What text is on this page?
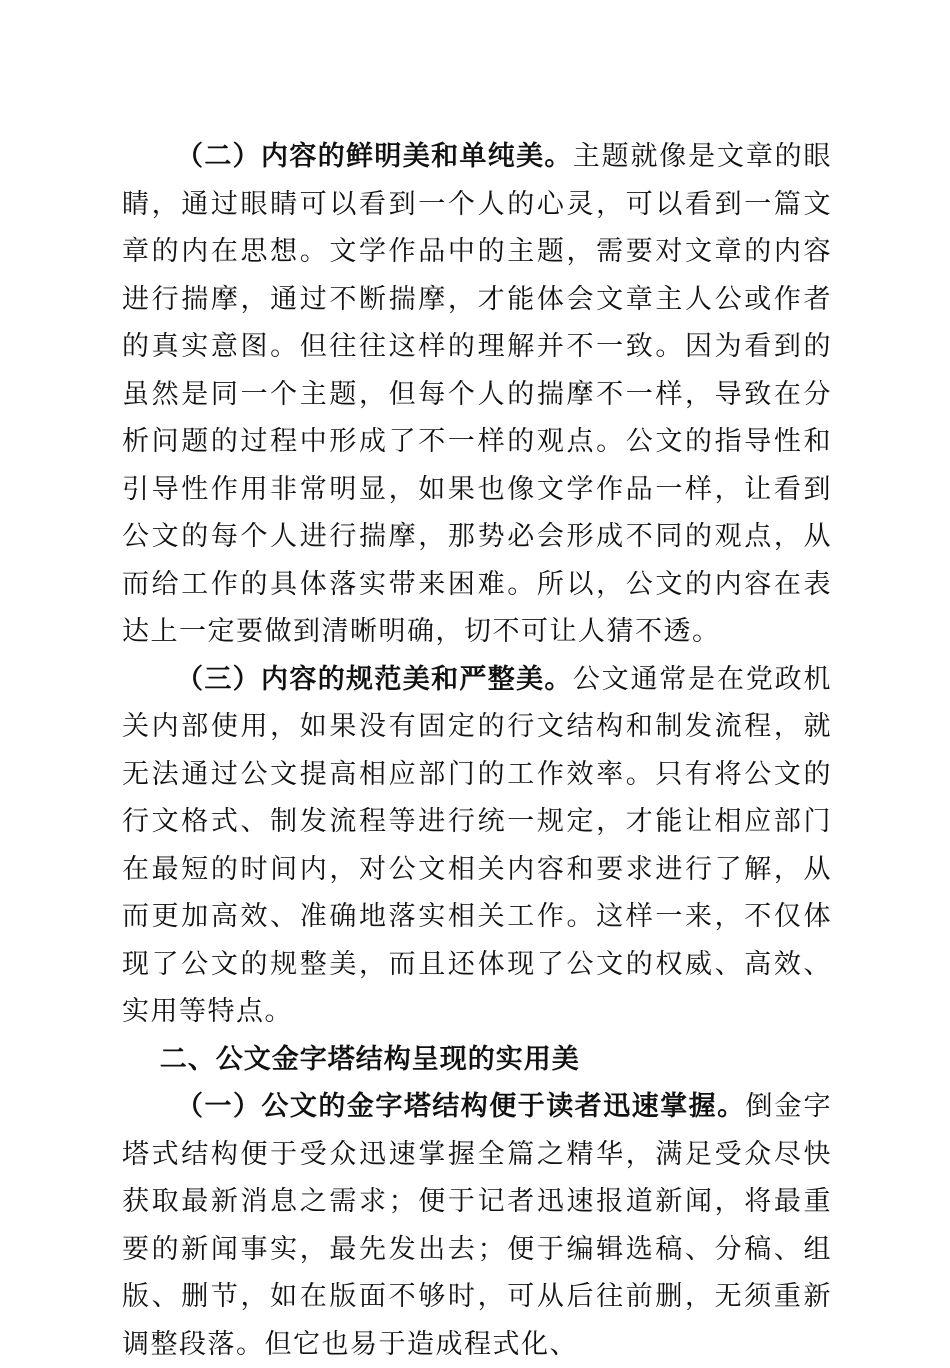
（二）内容的鲜明美和单纯美。主题就像是文章的眼睛，通过眼睛可以看到一个人的心灵，可以看到一篇文章的内在思想。文学作品中的主题，需要对文章的内容进行揣摩，通过不断揣摩，才能体会文章主人公或作者的真实意图。但往往这样的理解并不一致。因为看到的虽然是同一个主题，但每个人的揣摩不一样，导致在分析问题的过程中形成了不一样的观点。公文的指导性和引导性作用非常明显，如果也像文学作品一样，让看到公文的每个人进行揣摩，那势必会形成不同的观点，从而给工作的具体落实带来困难。所以，公文的内容在表达上一定要做到清晰明确，切不可让人猜不透。

（三）内容的规范美和严整美。公文通常是在党政机关内部使用，如果没有固定的行文结构和制发流程，就无法通过公文提高相应部门的工作效率。只有将公文的行文格式、制发流程等进行统一规定，才能让相应部门在最短的时间内，对公文相关内容和要求进行了解，从而更加高效、准确地落实相关工作。这样一来，不仅体现了公文的规整美，而且还体现了公文的权威、高效、实用等特点。

二、公文金字塔结构呈现的实用美

（一）公文的金字塔结构便于读者迅速掌握。倒金字塔式结构便于受众迅速掌握全篇之精华，满足受众尽快获取最新消息之需求；便于记者迅速报道新闻，将最重要的新闻事实，最先发出去；便于编辑选稿、分稿、组版、删节，如在版面不够时，可从后往前删，无须重新调整段落。但它也易于造成程式化、
